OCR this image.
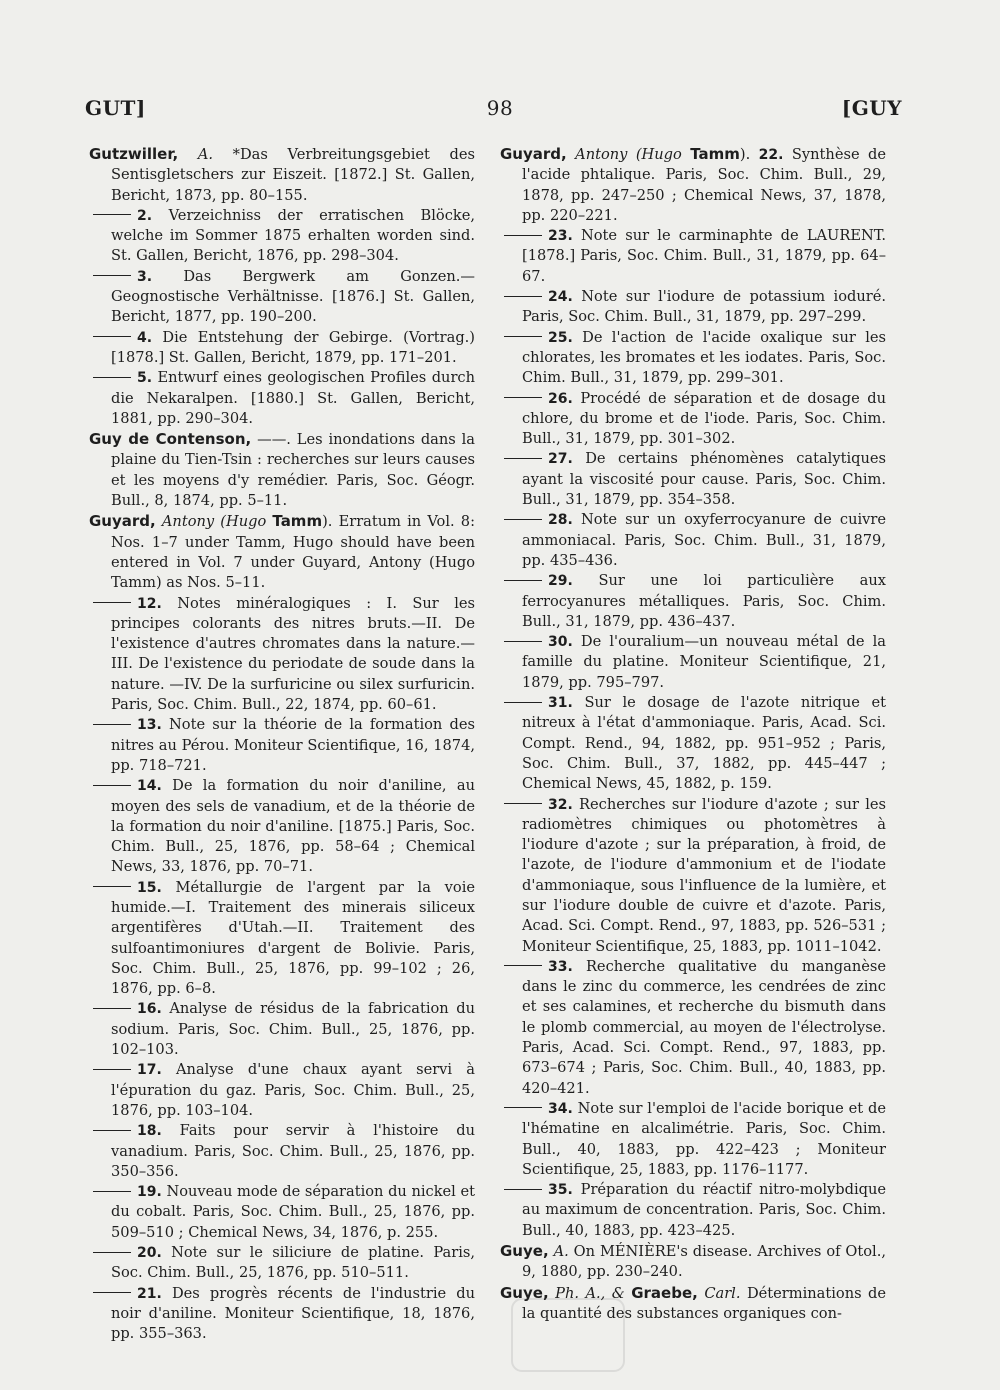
GUT]	98	[GUY

Gutzwiller, A. *Das Verbreitungsgebiet des Sentisgletschers zur Eiszeit. [1872.] St. Gallen, Bericht, 1873, pp. 80–155.

2. Verzeichniss der erratischen Blöcke, welche im Sommer 1875 erhalten worden sind. St. Gallen, Bericht, 1876, pp. 298–304.

3. Das Bergwerk am Gonzen.—Geognostische Verhältnisse. [1876.] St. Gallen, Bericht, 1877, pp. 190–200.

4. Die Entstehung der Gebirge. (Vortrag.) [1878.] St. Gallen, Bericht, 1879, pp. 171–201.

5. Entwurf eines geologischen Profiles durch die Nekaralpen. [1880.] St. Gallen, Bericht, 1881, pp. 290–304.

Guy de Contenson, ——. Les inondations dans la plaine du Tien-Tsin : recherches sur leurs causes et les moyens d'y remédier. Paris, Soc. Géogr. Bull., 8, 1874, pp. 5–11.

Guyard, Antony (Hugo Tamm). Erratum in Vol. 8: Nos. 1–7 under Tamm, Hugo should have been entered in Vol. 7 under Guyard, Antony (Hugo Tamm) as Nos. 5–11.

12. Notes minéralogiques : I. Sur les principes colorants des nitres bruts.—II. De l'existence d'autres chromates dans la nature.—III. De l'existence du periodate de soude dans la nature. —IV. De la surfuricine ou silex surfuricin. Paris, Soc. Chim. Bull., 22, 1874, pp. 60–61.

13. Note sur la théorie de la formation des nitres au Pérou. Moniteur Scientifique, 16, 1874, pp. 718–721.

14. De la formation du noir d'aniline, au moyen des sels de vanadium, et de la théorie de la formation du noir d'aniline. [1875.] Paris, Soc. Chim. Bull., 25, 1876, pp. 58–64 ; Chemical News, 33, 1876, pp. 70–71.

15. Métallurgie de l'argent par la voie humide.—I. Traitement des minerais siliceux argentifères d'Utah.—II. Traitement des sulfoantimoniures d'argent de Bolivie. Paris, Soc. Chim. Bull., 25, 1876, pp. 99–102 ; 26, 1876, pp. 6–8.

16. Analyse de résidus de la fabrication du sodium. Paris, Soc. Chim. Bull., 25, 1876, pp. 102–103.

17. Analyse d'une chaux ayant servi à l'épuration du gaz. Paris, Soc. Chim. Bull., 25, 1876, pp. 103–104.

18. Faits pour servir à l'histoire du vanadium. Paris, Soc. Chim. Bull., 25, 1876, pp. 350–356.

19. Nouveau mode de séparation du nickel et du cobalt. Paris, Soc. Chim. Bull., 25, 1876, pp. 509–510 ; Chemical News, 34, 1876, p. 255.

20. Note sur le siliciure de platine. Paris, Soc. Chim. Bull., 25, 1876, pp. 510–511.

21. Des progrès récents de l'industrie du noir d'aniline. Moniteur Scientifique, 18, 1876, pp. 355–363.

Guyard, Antony (Hugo Tamm). 22. Synthèse de l'acide phtalique. Paris, Soc. Chim. Bull., 29, 1878, pp. 247–250 ; Chemical News, 37, 1878, pp. 220–221.

23. Note sur le carminaphte de LAURENT. [1878.] Paris, Soc. Chim. Bull., 31, 1879, pp. 64–67.

24. Note sur l'iodure de potassium ioduré. Paris, Soc. Chim. Bull., 31, 1879, pp. 297–299.

25. De l'action de l'acide oxalique sur les chlorates, les bromates et les iodates. Paris, Soc. Chim. Bull., 31, 1879, pp. 299–301.

26. Procédé de séparation et de dosage du chlore, du brome et de l'iode. Paris, Soc. Chim. Bull., 31, 1879, pp. 301–302.

27. De certains phénomènes catalytiques ayant la viscosité pour cause. Paris, Soc. Chim. Bull., 31, 1879, pp. 354–358.

28. Note sur un oxyferrocyanure de cuivre ammoniacal. Paris, Soc. Chim. Bull., 31, 1879, pp. 435–436.

29. Sur une loi particulière aux ferrocyanures métalliques. Paris, Soc. Chim. Bull., 31, 1879, pp. 436–437.

30. De l'ouralium—un nouveau métal de la famille du platine. Moniteur Scientifique, 21, 1879, pp. 795–797.

31. Sur le dosage de l'azote nitrique et nitreux à l'état d'ammoniaque. Paris, Acad. Sci. Compt. Rend., 94, 1882, pp. 951–952 ; Paris, Soc. Chim. Bull., 37, 1882, pp. 445–447 ; Chemical News, 45, 1882, p. 159.

32. Recherches sur l'iodure d'azote ; sur les radiomètres chimiques ou photomètres à l'iodure d'azote ; sur la préparation, à froid, de l'azote, de l'iodure d'ammonium et de l'iodate d'ammoniaque, sous l'influence de la lumière, et sur l'iodure double de cuivre et d'azote. Paris, Acad. Sci. Compt. Rend., 97, 1883, pp. 526–531 ; Moniteur Scientifique, 25, 1883, pp. 1011–1042.

33. Recherche qualitative du manganèse dans le zinc du commerce, les cendrées de zinc et ses calamines, et recherche du bismuth dans le plomb commercial, au moyen de l'électrolyse. Paris, Acad. Sci. Compt. Rend., 97, 1883, pp. 673–674 ; Paris, Soc. Chim. Bull., 40, 1883, pp. 420–421.

34. Note sur l'emploi de l'acide borique et de l'hématine en alcalimétrie. Paris, Soc. Chim. Bull., 40, 1883, pp. 422–423 ; Moniteur Scientifique, 25, 1883, pp. 1176–1177.

35. Préparation du réactif nitro-molybdique au maximum de concentration. Paris, Soc. Chim. Bull., 40, 1883, pp. 423–425.

Guye, A. On MÉNIÈRE's disease. Archives of Otol., 9, 1880, pp. 230–240.

Guye, Ph. A., & Graebe, Carl. Déterminations de la quantité des substances organiques con-
